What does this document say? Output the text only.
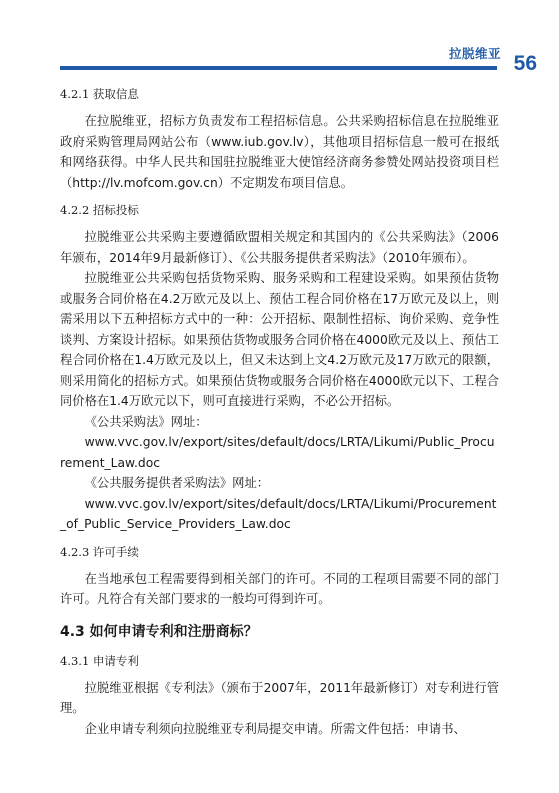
拉脱维亚 56
4.2.1 获取信息

在拉脱维亚，招标方负责发布工程招标信息。公共采购招标信息在拉脱维亚政府采购管理局网站公布（www.iub.gov.lv），其他项目招标信息一般可在报纸和网络获得。中华人民共和国驻拉脱维亚大使馆经济商务参赞处网站投资项目栏（http://lv.mofcom.gov.cn）不定期发布项目信息。

4.2.2 招标投标

拉脱维亚公共采购主要遵循欧盟相关规定和其国内的《公共采购法》（2006年颁布，2014年9月最新修订）、《公共服务提供者采购法》（2010年颁布）。

拉脱维亚公共采购包括货物采购、服务采购和工程建设采购。如果预估货物或服务合同价格在4.2万欧元及以上、预估工程合同价格在17万欧元及以上，则需采用以下五种招标方式中的一种：公开招标、限制性招标、询价采购、竞争性谈判、方案设计招标。如果预估货物或服务合同价格在4000欧元及以上、预估工程合同价格在1.4万欧元及以上，但又未达到上文4.2万欧元及17万欧元的限额，则采用简化的招标方式。如果预估货物或服务合同价格在4000欧元以下、工程合同价格在1.4万欧元以下，则可直接进行采购，不必公开招标。

《公共采购法》网址：

www.vvc.gov.lv/export/sites/default/docs/LRTA/Likumi/Public_Procurement_Law.doc

《公共服务提供者采购法》网址：

www.vvc.gov.lv/export/sites/default/docs/LRTA/Likumi/Procurement_of_Public_Service_Providers_Law.doc

4.2.3 许可手续

在当地承包工程需要得到相关部门的许可。不同的工程项目需要不同的部门许可。凡符合有关部门要求的一般均可得到许可。

4.3 如何申请专利和注册商标？
4.3.1 申请专利

拉脱维亚根据《专利法》（颁布于2007年，2011年最新修订）对专利进行管理。

企业申请专利须向拉脱维亚专利局提交申请。所需文件包括：申请书、
